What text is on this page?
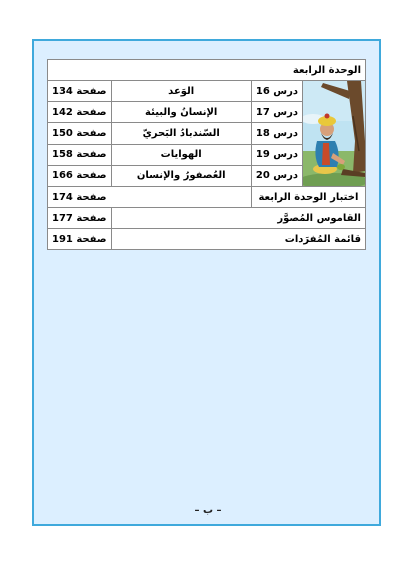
الوحدة الرابعة			

	درس 16	الوَعد	صفحة 134
	درس 17	الإنسانُ والبيئة	صفحة 142
	درس 18	السّندبادُ البَحريّ	صفحة 150
	درس 19	الهوايات	صفحة 158
	درس 20	العُصفورُ والإنسان	صفحة 166
اختبار الوحدة الرابعة		صفحة 174	
القاموس المُصوَّر			صفحة 177
قائمة المُفرَدات			صفحة 191
– ب –
